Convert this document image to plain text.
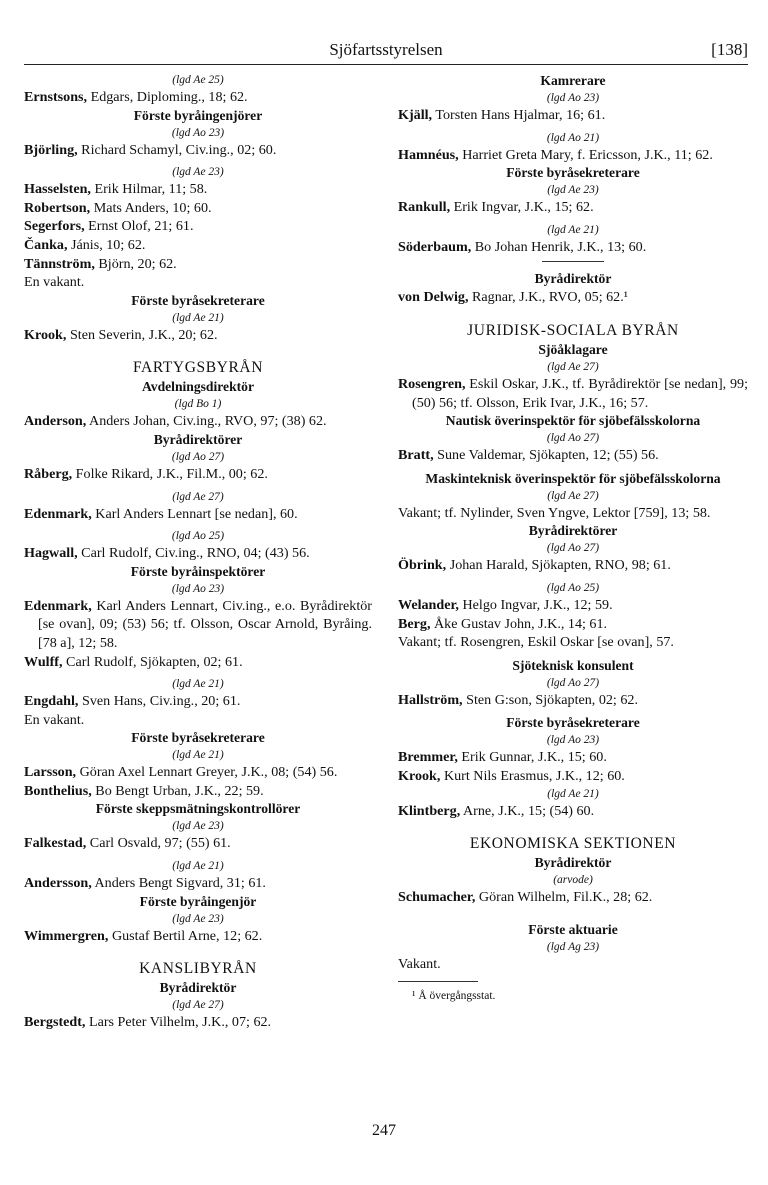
Sjöfartsstyrelsen	[138]
(lgd Ae 25)
Ernstsons, Edgars, Diploming., 18; 62.
Förste byråingenjörer
(lgd Ao 23)
Björling, Richard Schamyl, Civ.ing., 02; 60.
(lgd Ae 23)
Hasselsten, Erik Hilmar, 11; 58.
Robertson, Mats Anders, 10; 60.
Segerfors, Ernst Olof, 21; 61.
Čanka, Jánis, 10; 62.
Tännström, Björn, 20; 62.
En vakant.
Förste byråsekreterare
(lgd Ae 21)
Krook, Sten Severin, J.K., 20; 62.
FARTYGSBYRÅN
Avdelningsdirektör
(lgd Bo 1)
Anderson, Anders Johan, Civ.ing., RVO, 97; (38) 62.
Byrådirektörer
(lgd Ao 27)
Råberg, Folke Rikard, J.K., Fil.M., 00; 62.
(lgd Ae 27)
Edenmark, Karl Anders Lennart [se nedan], 60.
(lgd Ao 25)
Hagwall, Carl Rudolf, Civ.ing., RNO, 04; (43) 56.
Förste byråinspektörer
(lgd Ao 23)
Edenmark, Karl Anders Lennart, Civ.ing., e.o. Byrådirektör [se ovan], 09; (53) 56; tf. Olsson, Oscar Arnold, Byråing. [78 a], 12; 58.
Wulff, Carl Rudolf, Sjökapten, 02; 61.
(lgd Ae 21)
Engdahl, Sven Hans, Civ.ing., 20; 61.
En vakant.
Förste byråsekreterare
(lgd Ae 21)
Larsson, Göran Axel Lennart Greyer, J.K., 08; (54) 56.
Bonthelius, Bo Bengt Urban, J.K., 22; 59.
Förste skeppsmätningskontrollörer
(lgd Ae 23)
Falkestad, Carl Osvald, 97; (55) 61.
(lgd Ae 21)
Andersson, Anders Bengt Sigvard, 31; 61.
Förste byråingenjör
(lgd Ae 23)
Wimmergren, Gustaf Bertil Arne, 12; 62.
KANSLIBYRÅN
Byrådirektör
(lgd Ae 27)
Bergstedt, Lars Peter Vilhelm, J.K., 07; 62.
Kamrerare
(lgd Ao 23)
Kjäll, Torsten Hans Hjalmar, 16; 61.
(lgd Ao 21)
Hamnéus, Harriet Greta Mary, f. Ericsson, J.K., 11; 62.
Förste byråsekreterare
(lgd Ae 23)
Rankull, Erik Ingvar, J.K., 15; 62.
(lgd Ae 21)
Söderbaum, Bo Johan Henrik, J.K., 13; 60.
Byrådirektör
von Delwig, Ragnar, J.K., RVO, 05; 62.¹
JURIDISK-SOCIALA BYRÅN
Sjöåklagare
(lgd Ae 27)
Rosengren, Eskil Oskar, J.K., tf. Byrådirektör [se nedan], 99; (50) 56; tf. Olsson, Erik Ivar, J.K., 16; 57.
Nautisk överinspektör för sjöbefälsskolorna
(lgd Ao 27)
Bratt, Sune Valdemar, Sjökapten, 12; (55) 56.
Maskinteknisk överinspektör för sjöbefälsskolorna
(lgd Ae 27)
Vakant; tf. Nylinder, Sven Yngve, Lektor [759], 13; 58.
Byrådirektörer
(lgd Ao 27)
Öbrink, Johan Harald, Sjökapten, RNO, 98; 61.
(lgd Ao 25)
Welander, Helgo Ingvar, J.K., 12; 59.
Berg, Åke Gustav John, J.K., 14; 61.
Vakant; tf. Rosengren, Eskil Oskar [se ovan], 57.
Sjöteknisk konsulent
(lgd Ao 27)
Hallström, Sten G:son, Sjökapten, 02; 62.
Förste byråsekreterare
(lgd Ao 23)
Bremmer, Erik Gunnar, J.K., 15; 60.
Krook, Kurt Nils Erasmus, J.K., 12; 60.
(lgd Ae 21)
Klintberg, Arne, J.K., 15; (54) 60.
EKONOMISKA SEKTIONEN
Byrådirektör
(arvode)
Schumacher, Göran Wilhelm, Fil.K., 28; 62.
Förste aktuarie
(lgd Ag 23)
Vakant.
¹ Å övergångsstat.
247
